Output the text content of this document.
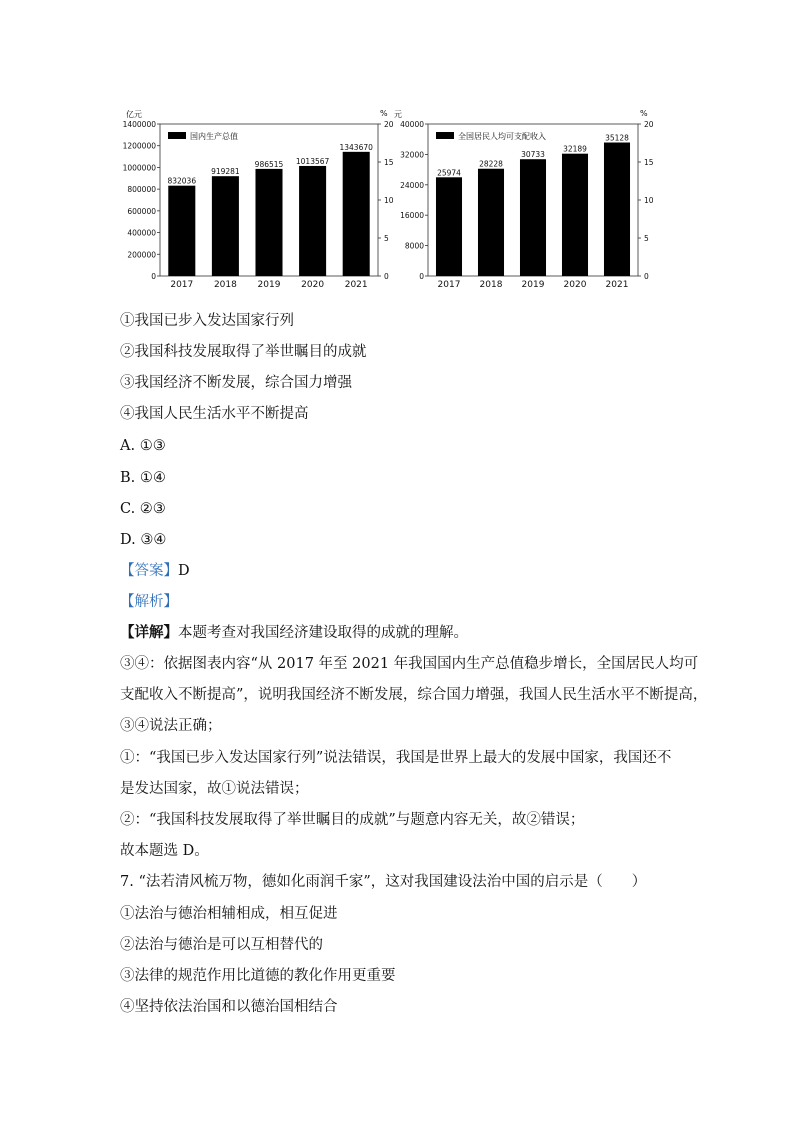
亿元	%
0
200000
400000
600000
800000
1000000
1200000
1400000
0
5
10
15
20
国内生产总值
832036
2017
919281
2018
986515
2019
1013567
2020
1343670
2021
元	%
0
8000
16000
24000
32000
40000
0
5
10
15
20
全国居民人均可支配收入
25974
2017
28228
2018
30733
2019
32189
2020
35128
2021
①我国已步入发达国家行列
②我国科技发展取得了举世瞩目的成就
③我国经济不断发展，综合国力增强
④我国人民生活水平不断提高
A. ①③
B. ①④
C. ②③
D. ③④
【答案】D
【解析】
【详解】本题考查对我国经济建设取得的成就的理解。
③④：依据图表内容“从 2017 年至 2021 年我国国内生产总值稳步增长，全国居民人均可
支配收入不断提高”，说明我国经济不断发展，综合国力增强，我国人民生活水平不断提高，
③④说法正确；
①：“我国已步入发达国家行列”说法错误，我国是世界上最大的发展中国家，我国还不
是发达国家，故①说法错误；
②：“我国科技发展取得了举世瞩目的成就”与题意内容无关，故②错误；
故本题选 D。
7. “法若清风梳万物，德如化雨润千家”，这对我国建设法治中国的启示是（　　）
①法治与德治相辅相成，相互促进
②法治与德治是可以互相替代的
③法律的规范作用比道德的教化作用更重要
④坚持依法治国和以德治国相结合
